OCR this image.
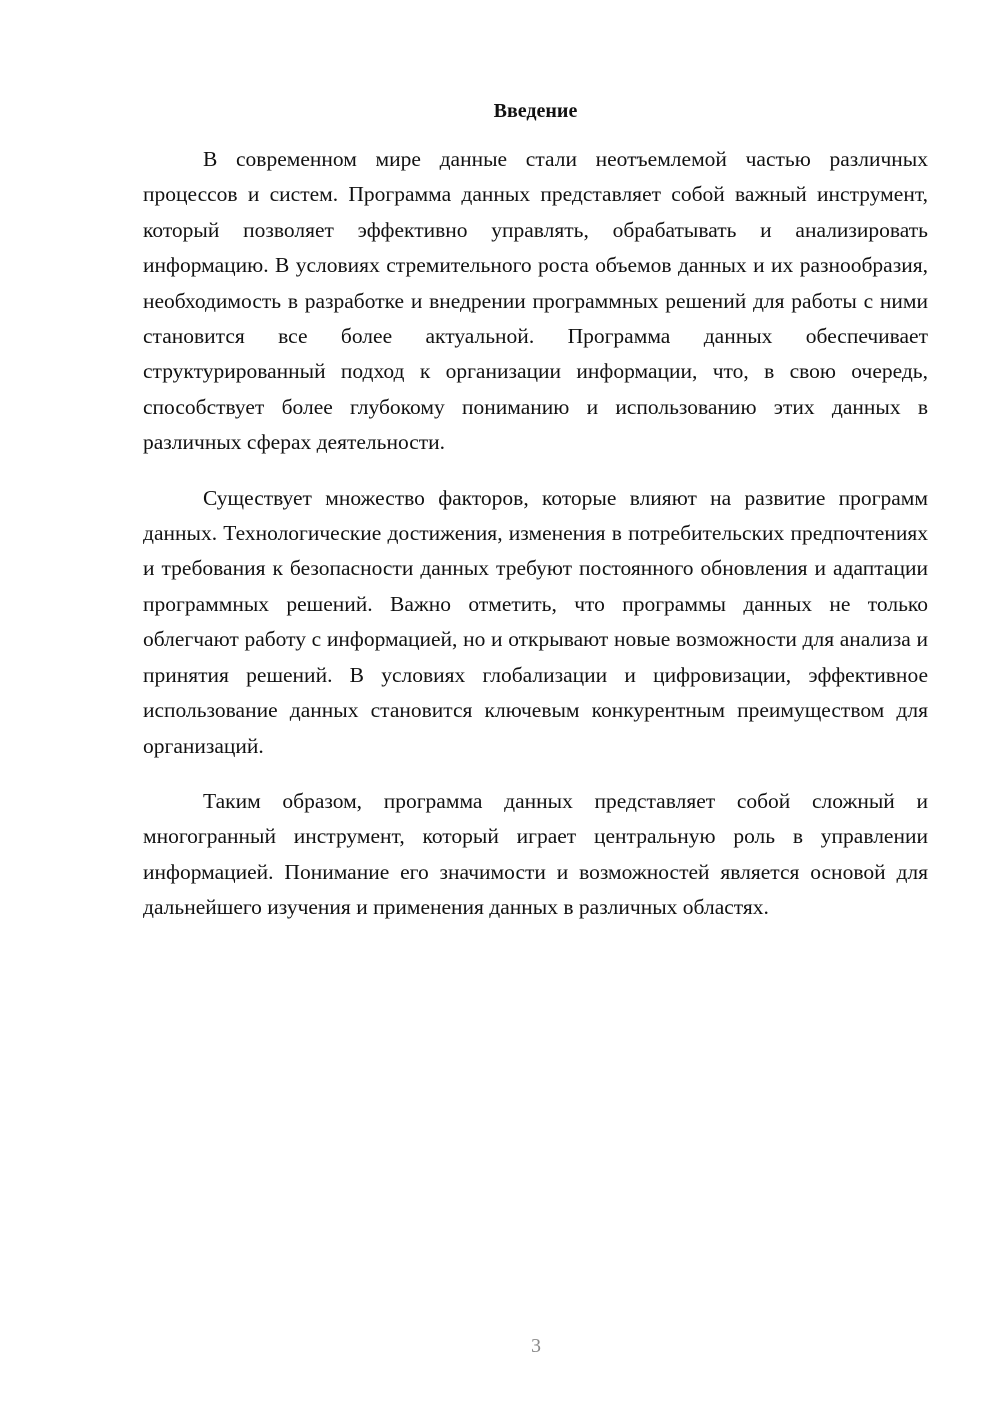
Введение

В современном мире данные стали неотъемлемой частью различных процессов и систем. Программа данных представляет собой важный инструмент, который позволяет эффективно управлять, обрабатывать и анализировать информацию. В условиях стремительного роста объемов данных и их разнообразия, необходимость в разработке и внедрении программных решений для работы с ними становится все более актуальной. Программа данных обеспечивает структурированный подход к организации информации, что, в свою очередь, способствует более глубокому пониманию и использованию этих данных в различных сферах деятельности.

Существует множество факторов, которые влияют на развитие программ данных. Технологические достижения, изменения в потребительских предпочтениях и требования к безопасности данных требуют постоянного обновления и адаптации программных решений. Важно отметить, что программы данных не только облегчают работу с информацией, но и открывают новые возможности для анализа и принятия решений. В условиях глобализации и цифровизации, эффективное использование данных становится ключевым конкурентным преимуществом для организаций.

Таким образом, программа данных представляет собой сложный и многогранный инструмент, который играет центральную роль в управлении информацией. Понимание его значимости и возможностей является основой для дальнейшего изучения и применения данных в различных областях.

3
